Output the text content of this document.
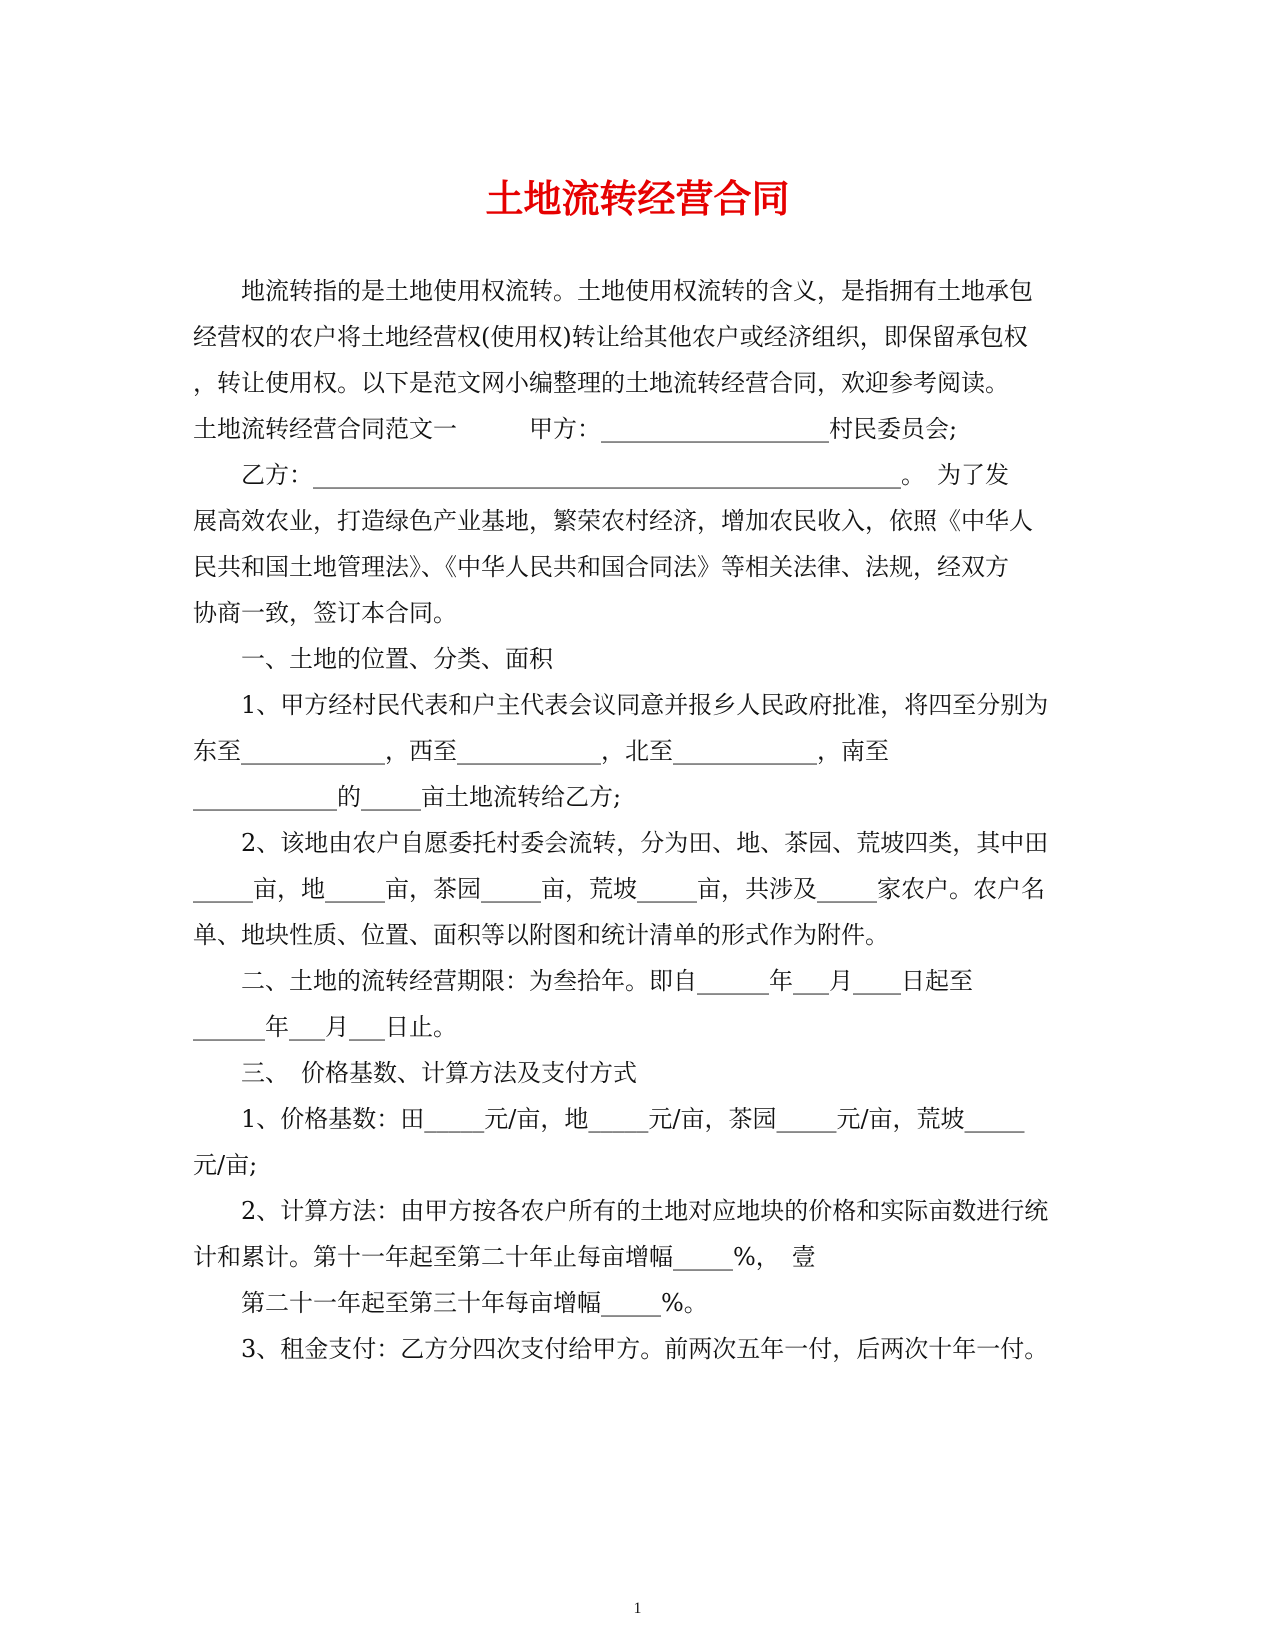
土地流转经营合同
　　地流转指的是土地使用权流转。土地使用权流转的含义，是指拥有土地承包
经营权的农户将土地经营权(使用权)转让给其他农户或经济组织，即保留承包权
，转让使用权。以下是范文网小编整理的土地流转经营合同，欢迎参考阅读。
土地流转经营合同范文一　　　甲方：___________________村民委员会;
　　乙方：_________________________________________________。　为了发
展高效农业，打造绿色产业基地，繁荣农村经济，增加农民收入，依照《中华人
民共和国土地管理法》、《中华人民共和国合同法》等相关法律、法规，经双方
协商一致，签订本合同。
　　一、土地的位置、分类、面积
　　1、甲方经村民代表和户主代表会议同意并报乡人民政府批准，将四至分别为
东至____________，西至____________，北至____________，南至
____________的_____亩土地流转给乙方;
　　2、该地由农户自愿委托村委会流转，分为田、地、茶园、荒坡四类，其中田
_____亩，地_____亩，茶园_____亩，荒坡_____亩，共涉及_____家农户。农户名
单、地块性质、位置、面积等以附图和统计清单的形式作为附件。
　　二、土地的流转经营期限：为叁拾年。即自______年___月____日起至
______年___月___日止。
　　三、　价格基数、计算方法及支付方式
　　1、价格基数：田_____元/亩，地_____元/亩，茶园_____元/亩，荒坡_____
元/亩;
　　2、计算方法：由甲方按各农户所有的土地对应地块的价格和实际亩数进行统
计和累计。第十一年起至第二十年止每亩增幅_____%，　壹
　　第二十一年起至第三十年每亩增幅_____%。
　　3、租金支付：乙方分四次支付给甲方。前两次五年一付，后两次十年一付。
1
